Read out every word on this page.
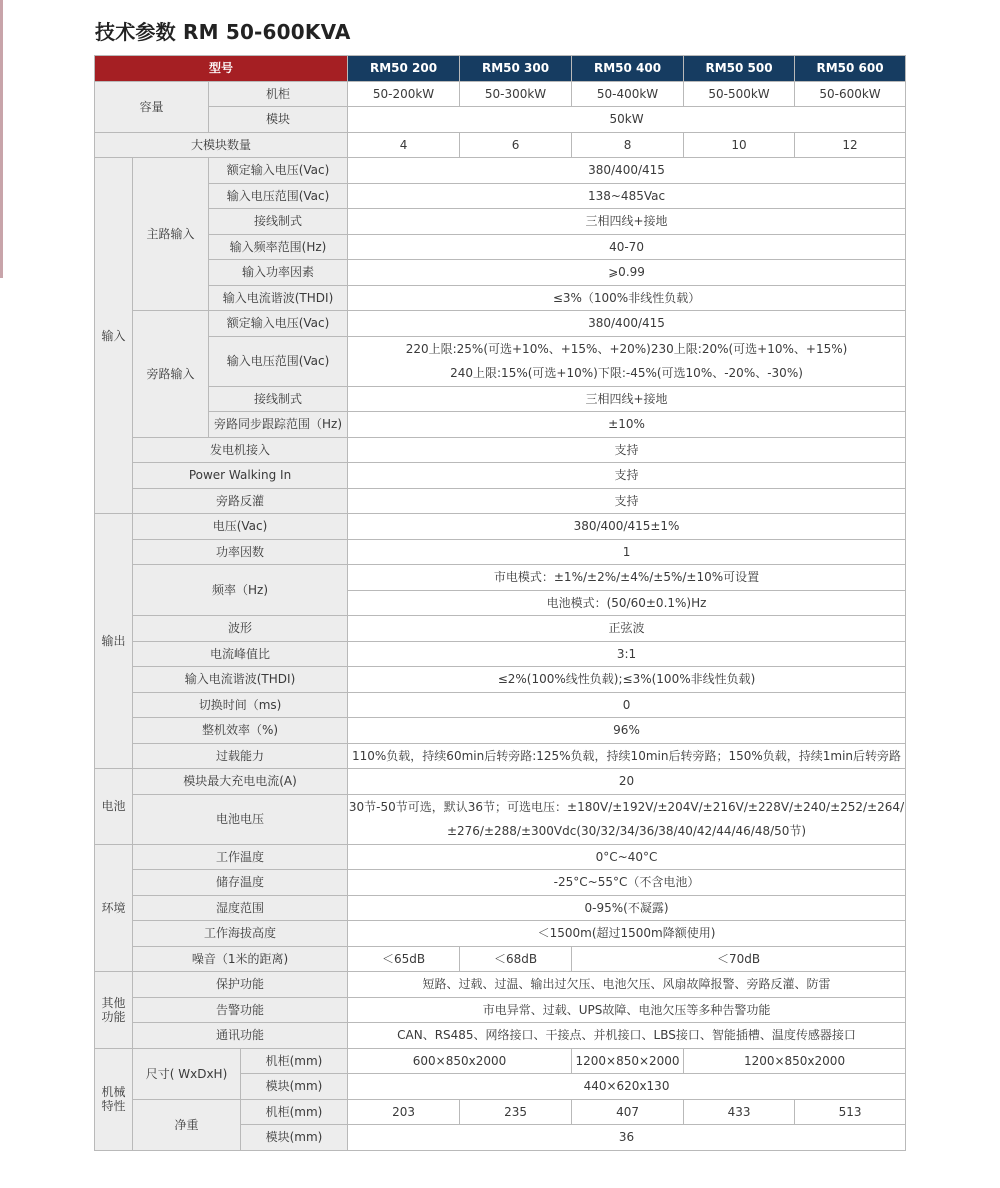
技术参数 RM 50-600KVA
型号				RM50 200	RM50 300	RM50 400	RM50 500	RM50 600
容量		机柜		50-200kW	50-300kW	50-400kW	50-500kW	50-600kW
		模块		50kW				
大模块数量				4	6	8	10	12
输入	主路输入	额定输入电压(Vac)		380/400/415				
		输入电压范围(Vac)		138~485Vac				
		接线制式		三相四线+接地				
		输入频率范围(Hz)		40-70				
		输入功率因素		⩾0.99				
		输入电流谐波(THDI)		≤3%（100%非线性负载）				
	旁路输入	额定输入电压(Vac)		380/400/415				
		输入电压范围(Vac)		220上限:25%(可选+10%、+15%、+20%)230上限:20%(可选+10%、+15%)				
				240上限:15%(可选+10%)下限:-45%(可选10%、-20%、-30%)				
		接线制式		三相四线+接地				
		旁路同步跟踪范围（Hz)		±10%				
	发电机接入			支持				
	Power Walking In			支持				
	旁路反灌			支持				
输出	电压(Vac)			380/400/415±1%				
	功率因数			1				
	频率（Hz)			市电模式：±1%/±2%/±4%/±5%/±10%可设置				
				电池模式：(50/60±0.1%)Hz				
	波形			正弦波				
	电流峰值比			3:1				
	输入电流谐波(THDI)			≤2%(100%线性负载);≤3%(100%非线性负载)				
	切换时间（ms)			0				
	整机效率（%)			96%				
	过载能力			110%负载，持续60min后转旁路:125%负载，持续10min后转旁路；150%负载，持续1min后转旁路				
电池	模块最大充电电流(A)			20				
	电池电压			30节-50节可选，默认36节；可选电压：±180V/±192V/±204V/±216V/±228V/±240/±252/±264/				
				±276/±288/±300Vdc(30/32/34/36/38/40/42/44/46/48/50节)				
环境	工作温度			0°C~40°C				
	储存温度			-25°C~55°C（不含电池）				
	湿度范围			0-95%(不凝露)				
	工作海拔高度			＜1500m(超过1500m降额使用)				
	噪音（1米的距离)			＜65dB	＜68dB	＜70dB		
其他
功能	保护功能			短路、过载、过温、输出过欠压、电池欠压、风扇故障报警、旁路反灌、防雷				
	告警功能			市电异常、过载、UPS故障、电池欠压等多种告警功能				
	通讯功能			CAN、RS485、网络接口、干接点、并机接口、LBS接口、智能插槽、温度传感器接口				
机械
特性	尺寸( WxDxH)		机柜(mm)	600×850x2000		1200×850×2000	1200×850x2000	
			模块(mm)	440×620x130				
	净重		机柜(mm)	203	235	407	433	513
			模块(mm)	36				
